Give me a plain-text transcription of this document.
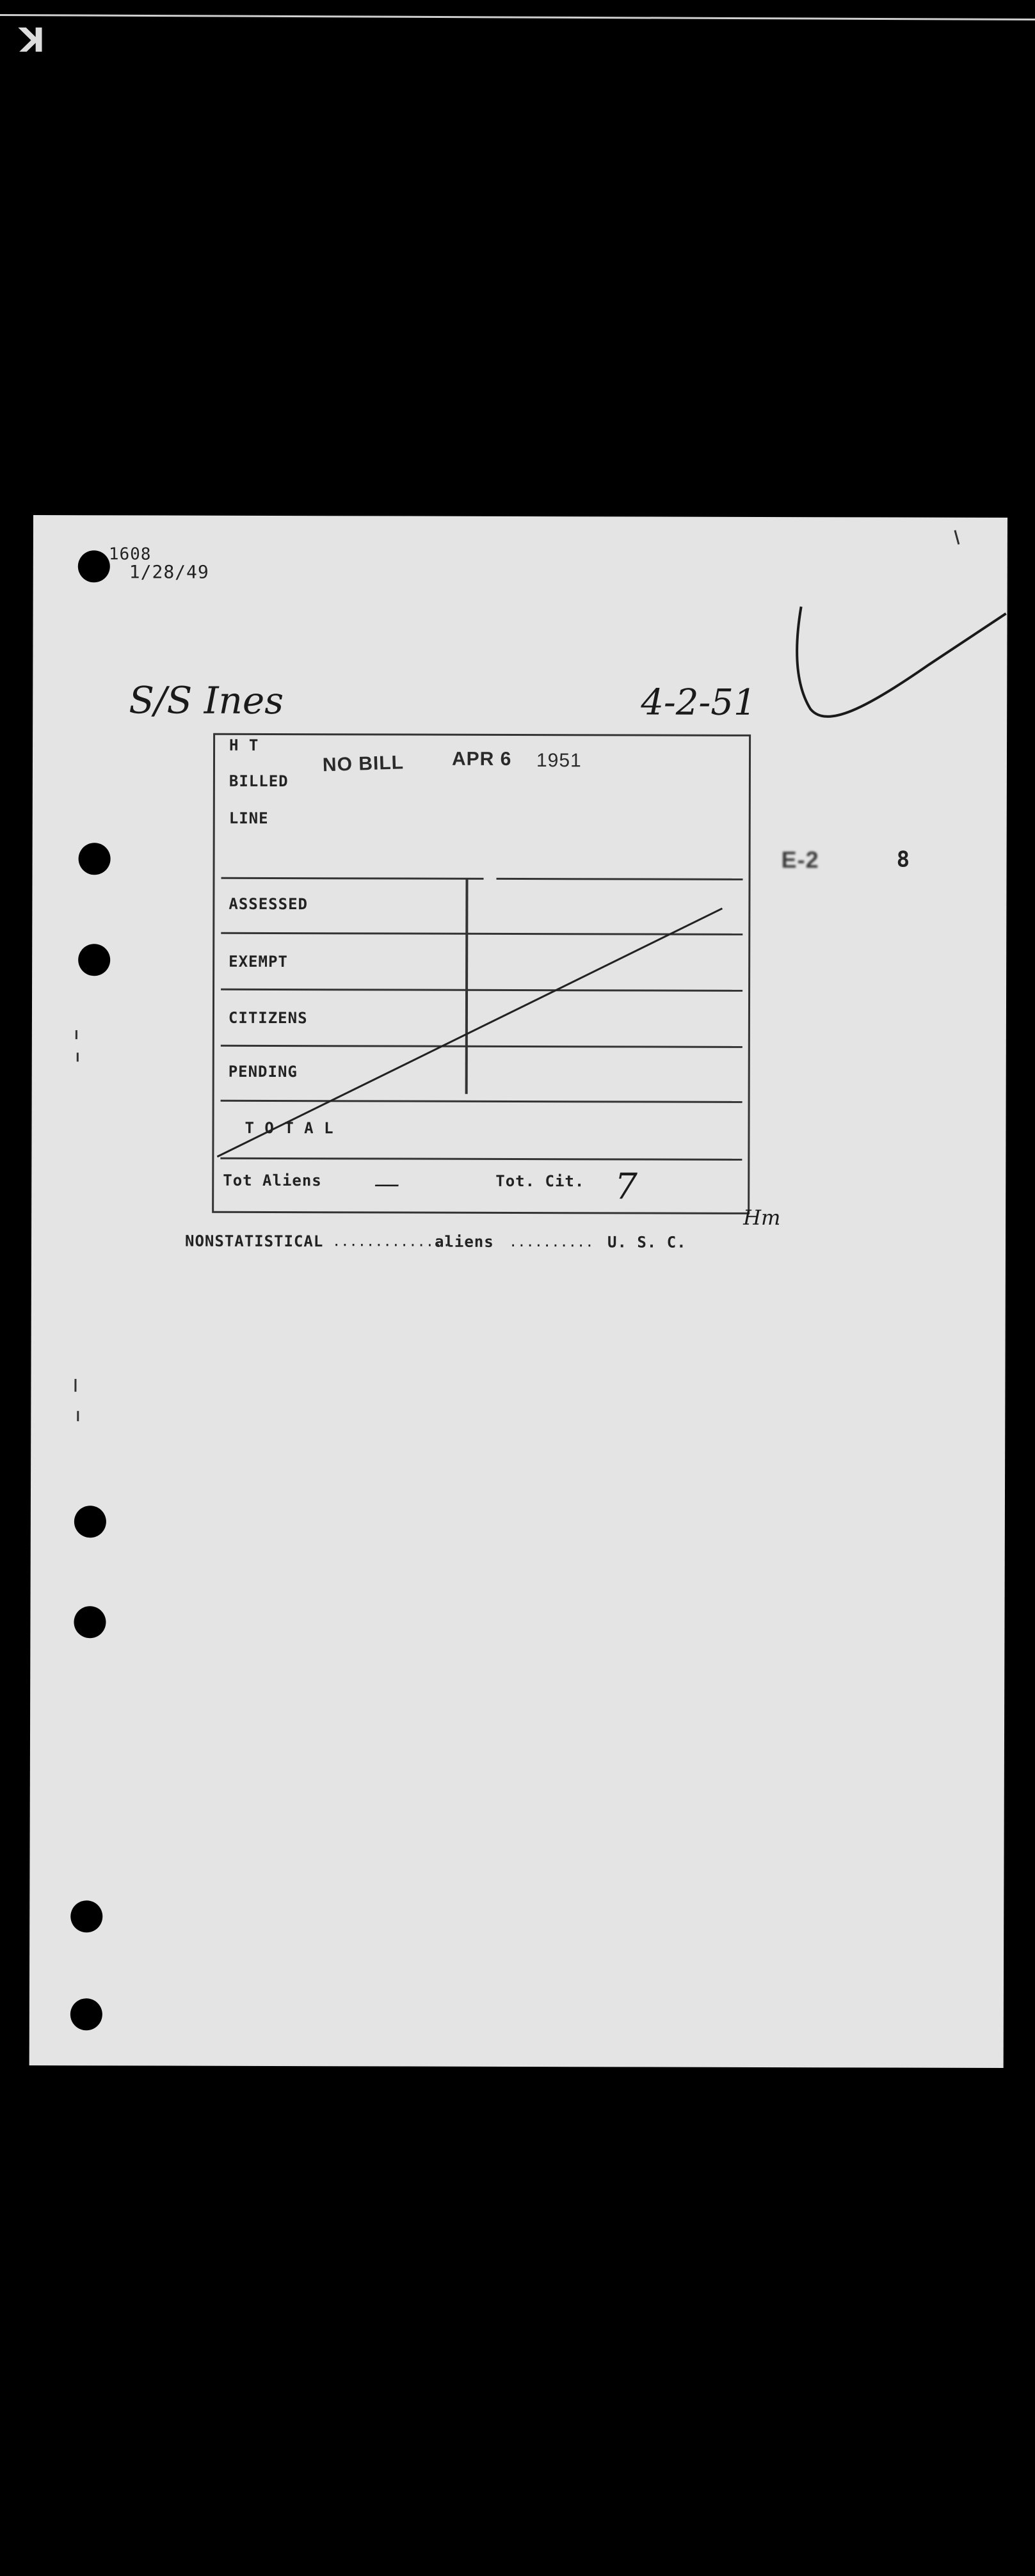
K
1608
1/28/49
S/S Ines	4-2-51
H T
BILLED
LINE
NO BILL APR 6 1951
ASSESSED
EXEMPT
CITIZENS
PENDING
T O T A L
Tot Aliens —	Tot. Cit. 7
Hm
E-2	8
NONSTATISTICAL ..............
aliens .......... U. S. C.
